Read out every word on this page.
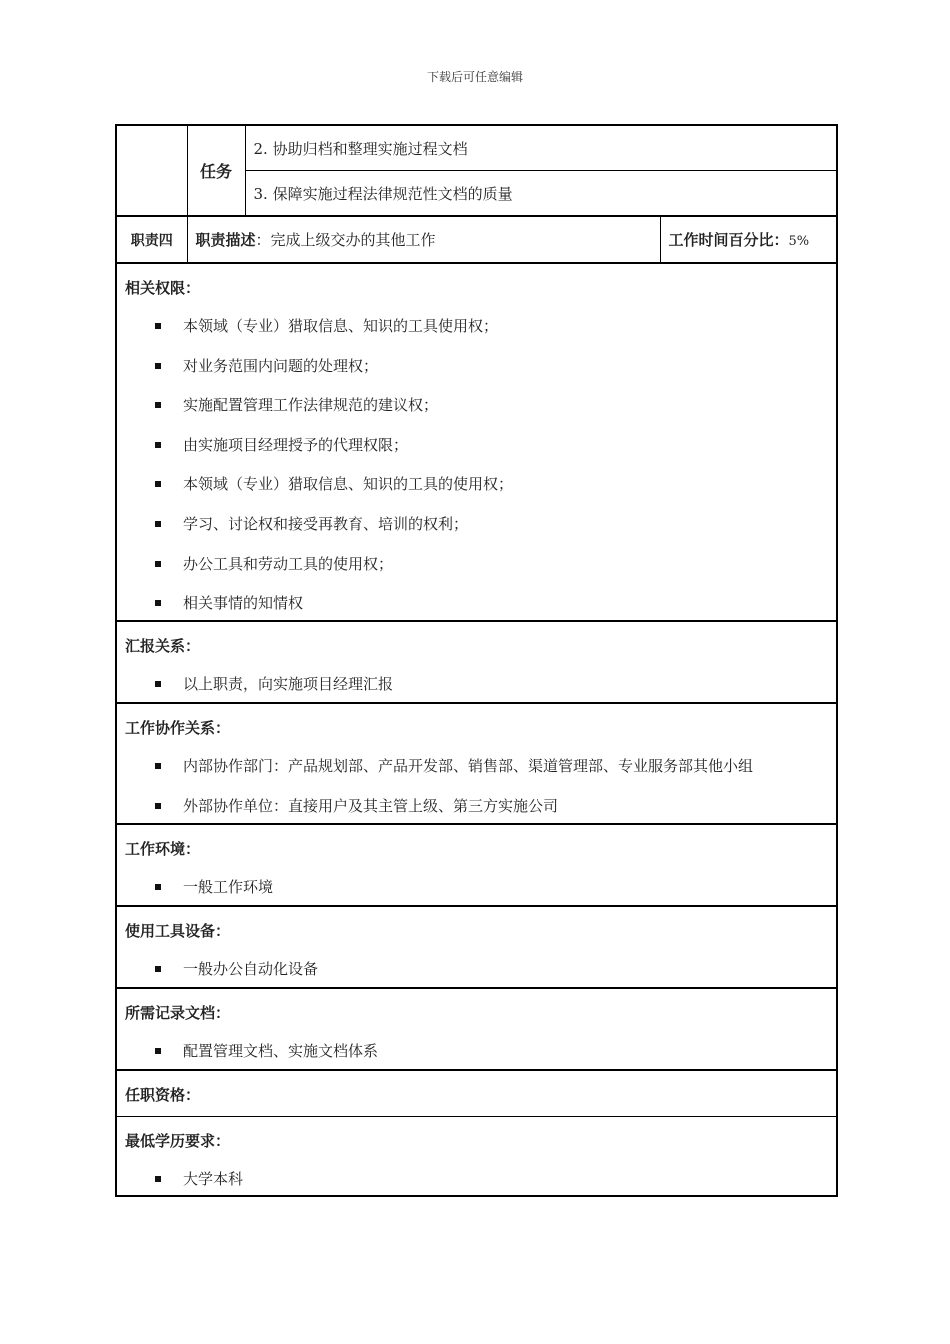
下载后可任意编辑
	任务	2. 协助归档和整理实施过程文档	
		3. 保障实施过程法律规范性文档的质量	
职责四	职责描述：完成上级交办的其他工作		工作时间百分比：5%
相关权限：
本领域（专业）猎取信息、知识的工具使用权；
对业务范围内问题的处理权；
实施配置管理工作法律规范的建议权；
由实施项目经理授予的代理权限；
本领域（专业）猎取信息、知识的工具的使用权；
学习、讨论权和接受再教育、培训的权利；
办公工具和劳动工具的使用权；
相关事情的知情权
汇报关系：
以上职责，向实施项目经理汇报
工作协作关系：
内部协作部门：产品规划部、产品开发部、销售部、渠道管理部、专业服务部其他小组
外部协作单位：直接用户及其主管上级、第三方实施公司
工作环境：
一般工作环境
使用工具设备：
一般办公自动化设备
所需记录文档：
配置管理文档、实施文档体系
任职资格：
最低学历要求：
大学本科
